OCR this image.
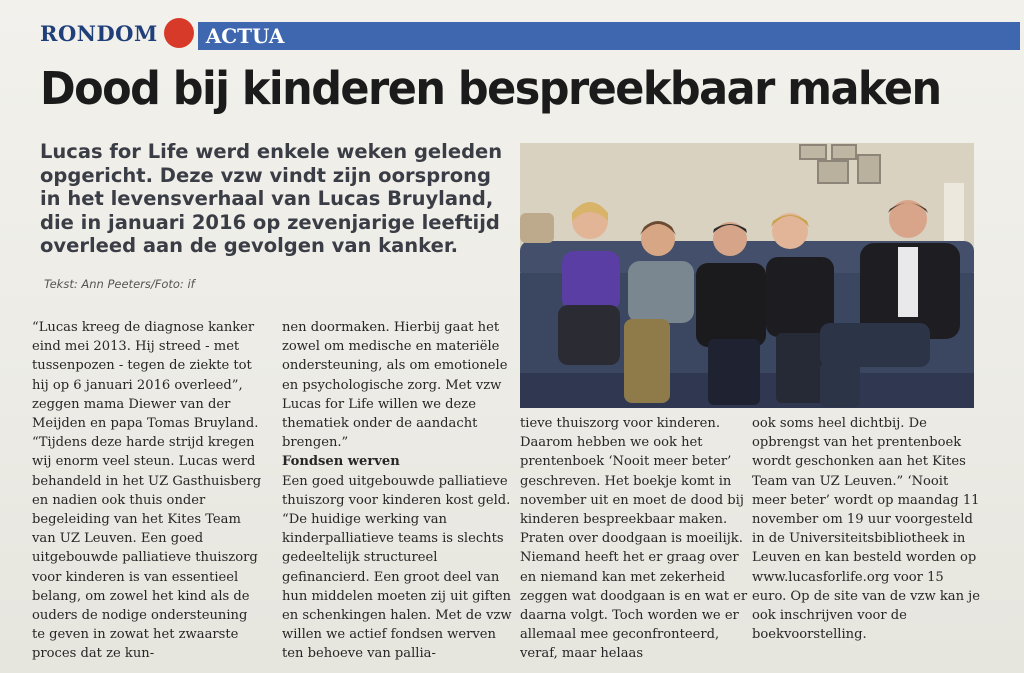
RONDOM ACTUA
Dood bij kinderen bespreekbaar maken

Lucas for Life werd enkele weken geleden opgericht. Deze vzw vindt zijn oorsprong in het levensverhaal van Lucas Bruyland, die in januari 2016 op zevenjarige leeftijd overleed aan de gevolgen van kanker.

Tekst: Ann Peeters/Foto: if

“Lucas kreeg de diagnose kanker eind mei 2013. Hij streed - met tussenpozen - tegen de ziekte tot hij op 6 januari 2016 overleed”, zeggen mama Diewer van der Meijden en papa Tomas Bruyland. “Tijdens deze harde strijd kregen wij enorm veel steun. Lucas werd behandeld in het UZ Gasthuisberg en nadien ook thuis onder begeleiding van het Kites Team van UZ Leuven. Een goed uitgebouwde palliatieve thuiszorg voor kinderen is van essentieel belang, om zowel het kind als de ouders de nodige ondersteuning te geven in zowat het zwaarste proces dat ze kun-

nen doormaken. Hierbij gaat het zowel om medische en materiële ondersteuning, als om emotionele en psychologische zorg. Met vzw Lucas for Life willen we deze thematiek onder de aandacht brengen.”

Fondsen werven

Een goed uitgebouwde palliatieve thuiszorg voor kinderen kost geld. “De huidige werking van kinderpalliatieve teams is slechts gedeeltelijk structureel gefinancierd. Een groot deel van hun middelen moeten zij uit giften en schenkingen halen. Met de vzw willen we actief fondsen werven ten behoeve van pallia-

tieve thuiszorg voor kinderen. Daarom hebben we ook het prentenboek ‘Nooit meer beter’ geschreven. Het boekje komt in november uit en moet de dood bij kinderen bespreekbaar maken. Praten over doodgaan is moeilijk. Niemand heeft het er graag over en niemand kan met zekerheid zeggen wat doodgaan is en wat er daarna volgt. Toch worden we er allemaal mee geconfronteerd, veraf, maar helaas

ook soms heel dichtbij. De opbrengst van het prentenboek wordt geschonken aan het Kites Team van UZ Leuven.” ‘Nooit meer beter’ wordt op maandag 11 november om 19 uur voorgesteld in de Universiteitsbibliotheek in Leuven en kan besteld worden op www.lucasforlife.org voor 15 euro. Op de site van de vzw kan je ook inschrijven voor de boekvoorstelling.
